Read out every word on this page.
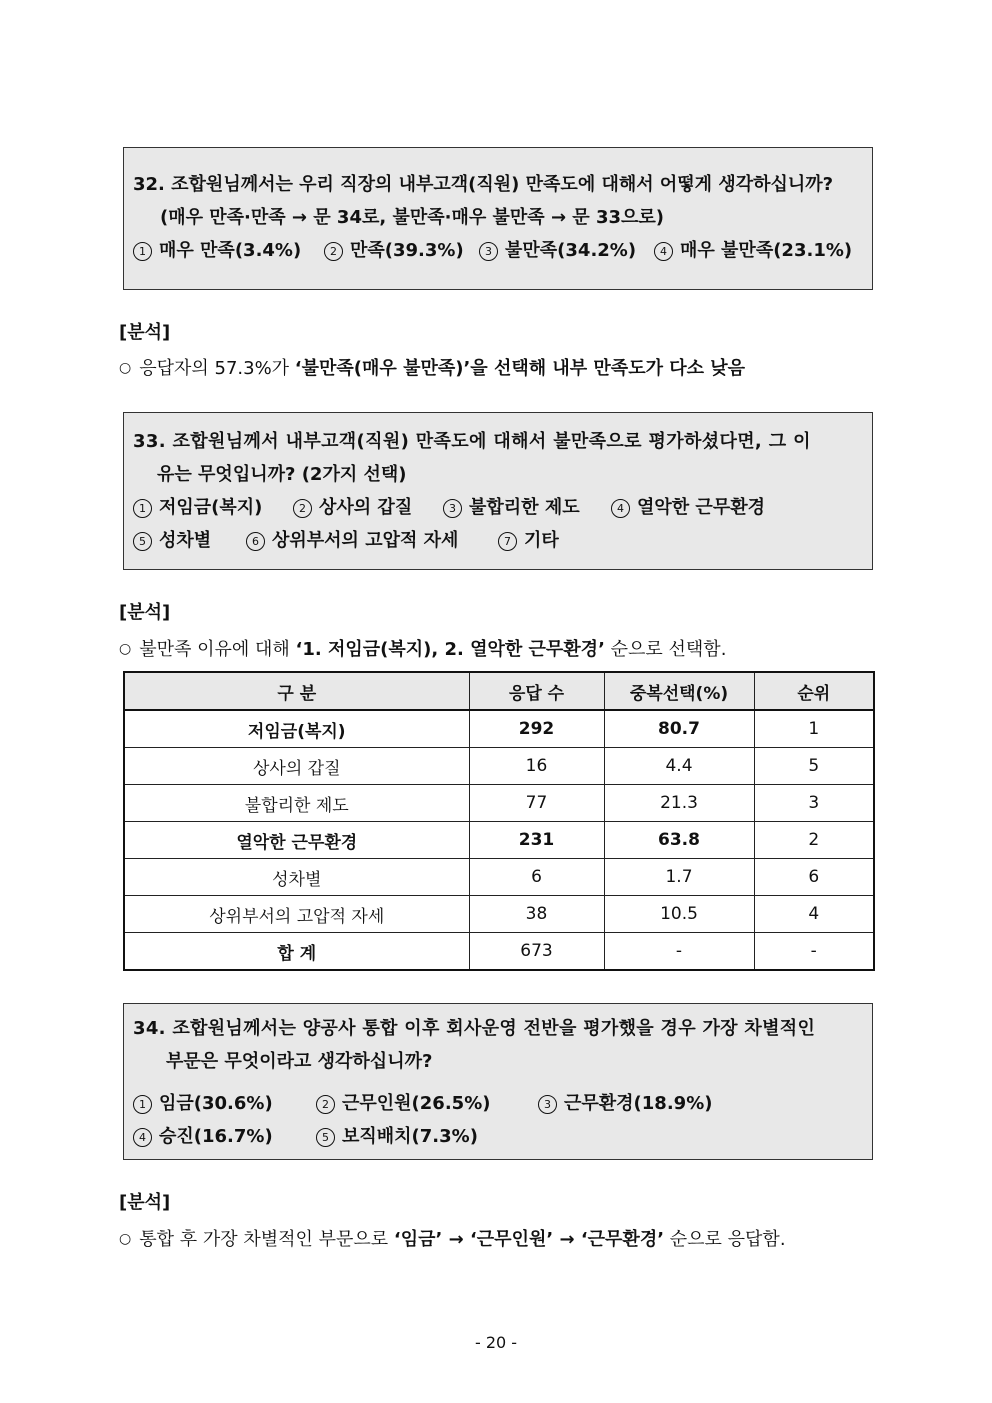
32. 조합원님께서는 우리 직장의 내부고객(직원) 만족도에 대해서 어떻게 생각하십니까?
(매우 만족·만족 → 문 34로, 불만족·매우 불만족 → 문 33으로)
1 매우 만족(3.4%)	2 만족(39.3%) 3 불만족(34.2%) 4 매우 불만족(23.1%)
[분석]
○ 응답자의 57.3%가 ‘불만족(매우 불만족)’을 선택해 내부 만족도가 다소 낮음
33. 조합원님께서 내부고객(직원) 만족도에 대해서 불만족으로 평가하셨다면, 그 이
유는 무엇입니까? (2가지 선택)
1 저임금(복지)	2 상사의 갑질	3 불합리한 제도	4 열악한 근무환경
5 성차별	6 상위부서의 고압적 자세	7 기타
[분석]
○ 불만족 이유에 대해 ‘1. 저임금(복지), 2. 열악한 근무환경’ 순으로 선택함.
구 분	응답 수	중복선택(%)	순위
저임금(복지)	292	80.7	1
상사의 갑질	16	4.4	5
불합리한 제도	77	21.3	3
열악한 근무환경	231	63.8	2
성차별	6	1.7	6
상위부서의 고압적 자세	38	10.5	4
합 계	673	-	-
34. 조합원님께서는 양공사 통합 이후 회사운영 전반을 평가했을 경우 가장 차별적인
부문은 무엇이라고 생각하십니까?
1 임금(30.6%)	2 근무인원(26.5%)	3 근무환경(18.9%)
4 승진(16.7%)	5 보직배치(7.3%)
[분석]
○ 통합 후 가장 차별적인 부문으로 ‘임금’ → ‘근무인원’ → ‘근무환경’ 순으로 응답함.
- 20 -
